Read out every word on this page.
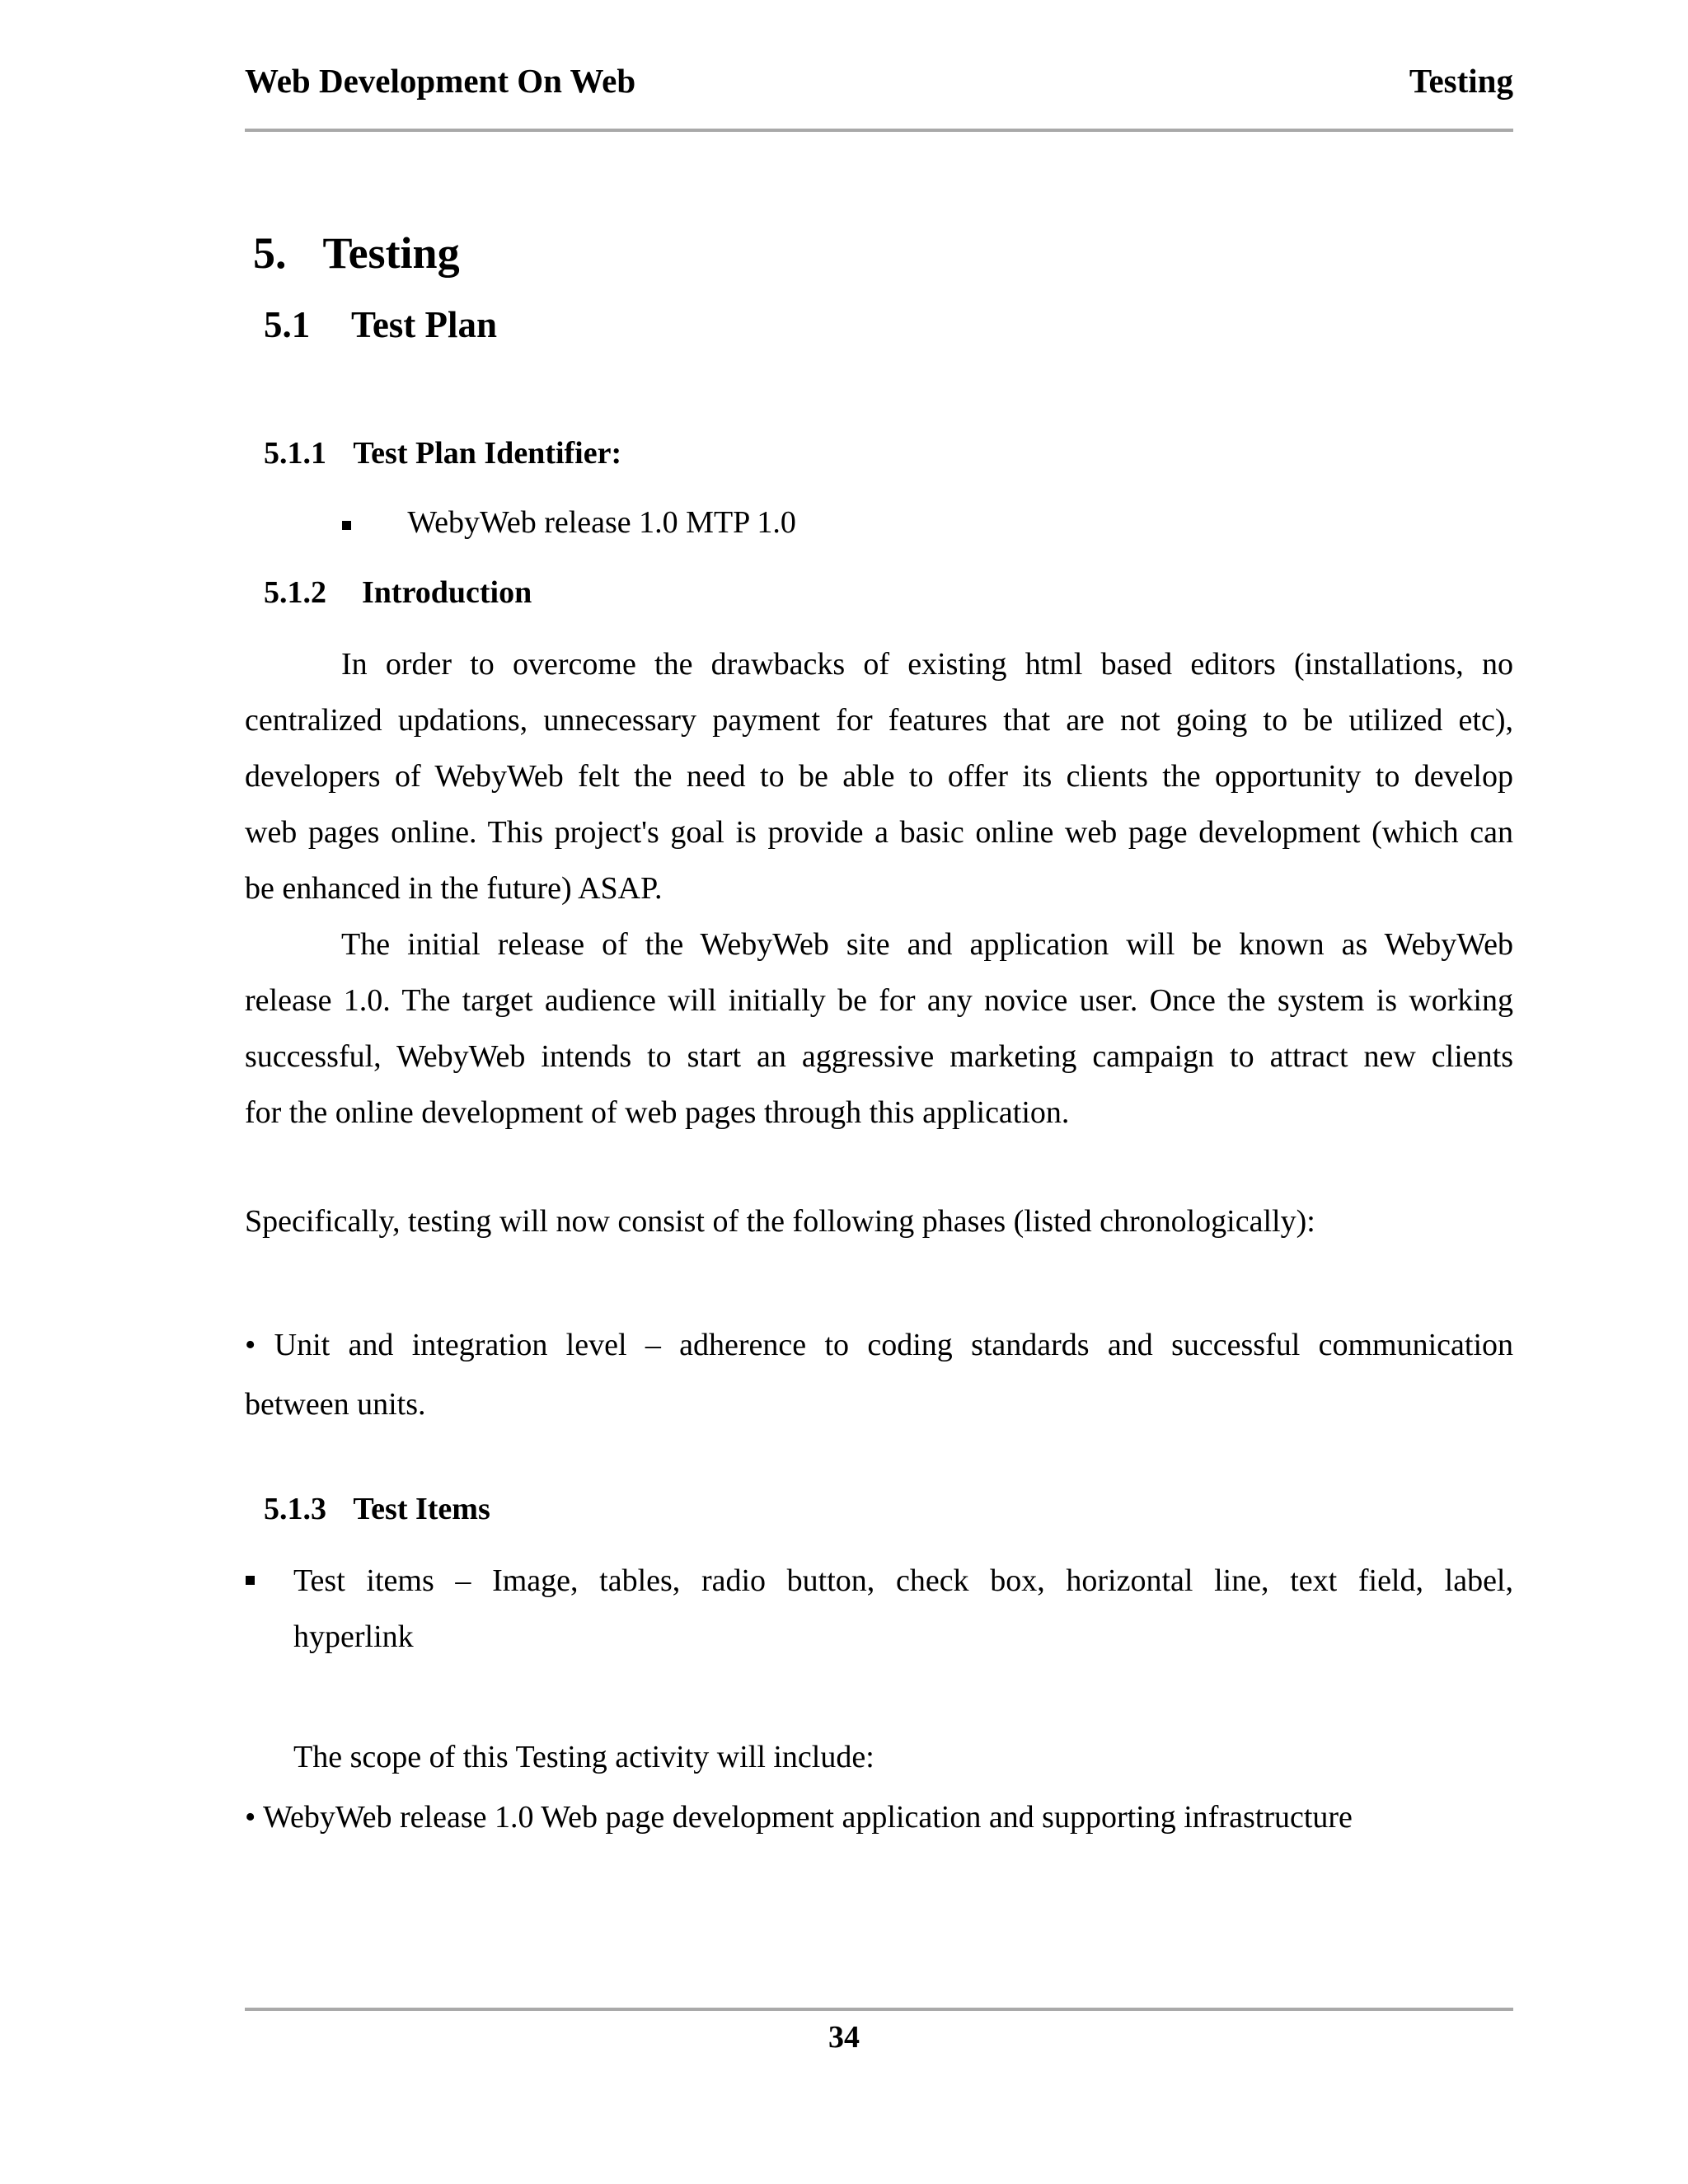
Web Development On Web	Testing
5. Testing
5.1 Test Plan
5.1.1 Test Plan Identifier:
WebyWeb release 1.0 MTP 1.0
5.1.2 Introduction
In order to overcome the drawbacks of existing html based editors (installations, no
centralized updations, unnecessary payment for features that are not going to be utilized etc),
developers of WebyWeb felt the need to be able to offer its clients the opportunity to develop
web pages online. This project's goal is provide a basic online web page development (which can
be enhanced in the future) ASAP.
The initial release of the WebyWeb site and application will be known as WebyWeb
release 1.0. The target audience will initially be for any novice user. Once the system is working
successful, WebyWeb intends to start an aggressive marketing campaign to attract new clients
for the online development of web pages through this application.
Specifically, testing will now consist of the following phases (listed chronologically):
• Unit and integration level – adherence to coding standards and successful communication
between units.
5.1.3 Test Items
Test items – Image, tables, radio button, check box, horizontal line, text field, label,
hyperlink
The scope of this Testing activity will include:
• WebyWeb release 1.0 Web page development application and supporting infrastructure
34
